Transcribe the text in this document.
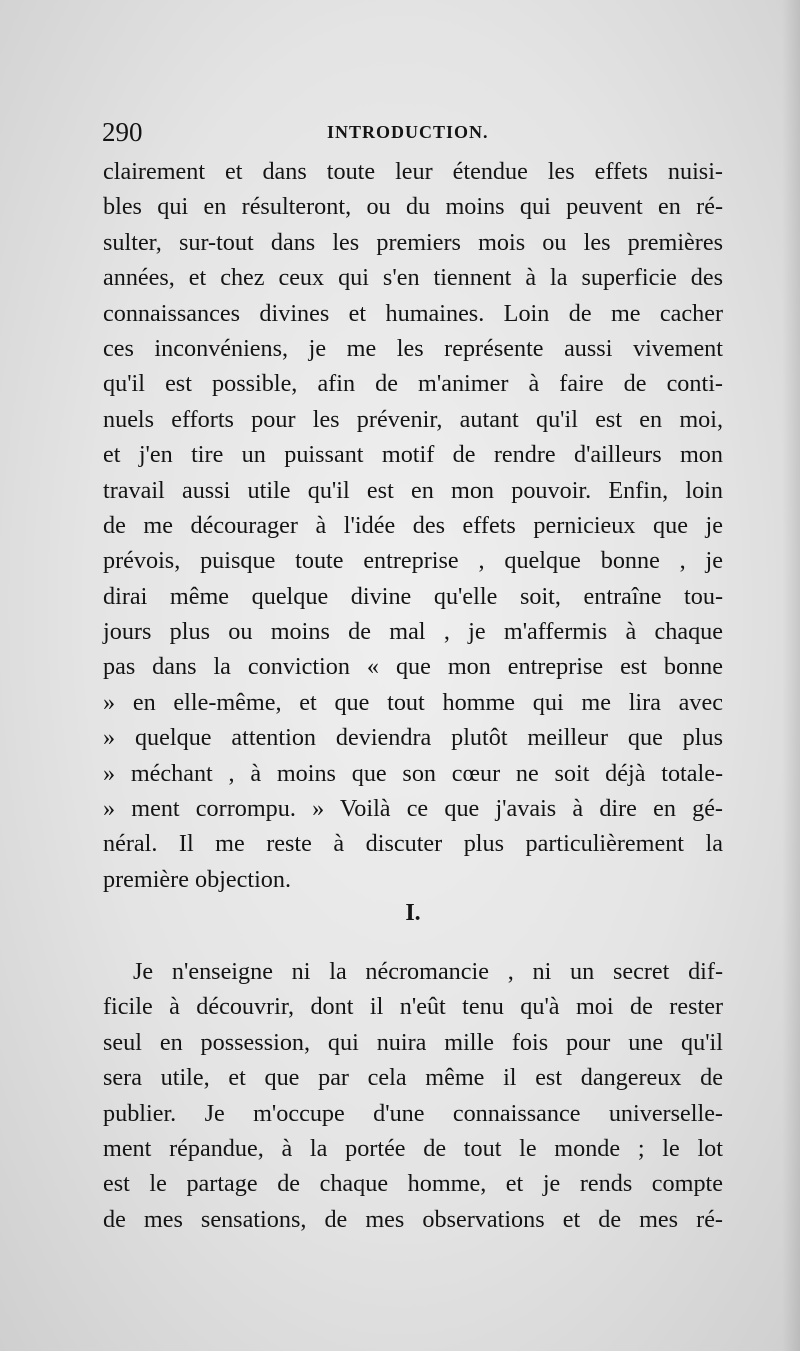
290	INTRODUCTION.
clairement et dans toute leur étendue les effets nuisi-
bles qui en résulteront, ou du moins qui peuvent en ré-
sulter, sur-tout dans les premiers mois ou les premières
années, et chez ceux qui s'en tiennent à la superficie des
connaissances divines et humaines. Loin de me cacher
ces inconvéniens, je me les représente aussi vivement
qu'il est possible, afin de m'animer à faire de conti-
nuels efforts pour les prévenir, autant qu'il est en moi,
et j'en tire un puissant motif de rendre d'ailleurs mon
travail aussi utile qu'il est en mon pouvoir. Enfin, loin
de me décourager à l'idée des effets pernicieux que je
prévois, puisque toute entreprise , quelque bonne , je
dirai même quelque divine qu'elle soit, entraîne tou-
jours plus ou moins de mal , je m'affermis à chaque
pas dans la conviction « que mon entreprise est bonne
» en elle-même, et que tout homme qui me lira avec
» quelque attention deviendra plutôt meilleur que plus
» méchant , à moins que son cœur ne soit déjà totale-
» ment corrompu. » Voilà ce que j'avais à dire en gé-
néral. Il me reste à discuter plus particulièrement la
première objection.
I.
Je n'enseigne ni la nécromancie , ni un secret dif-
ficile à découvrir, dont il n'eût tenu qu'à moi de rester
seul en possession, qui nuira mille fois pour une qu'il
sera utile, et que par cela même il est dangereux de
publier. Je m'occupe d'une connaissance universelle-
ment répandue, à la portée de tout le monde ; le lot
est le partage de chaque homme, et je rends compte
de mes sensations, de mes observations et de mes ré-
